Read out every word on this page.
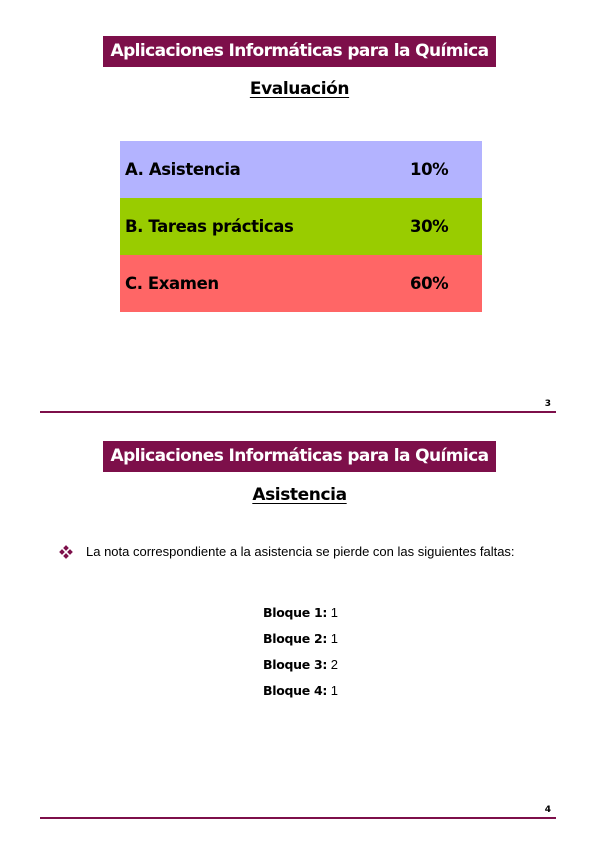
Aplicaciones Informáticas para la Química
Evaluación
A. Asistencia	10%
B. Tareas prácticas	30%
C. Examen	60%
3
Aplicaciones Informáticas para la Química
Asistencia
La nota correspondiente a la asistencia se pierde con las siguientes faltas:
Bloque 1: 1
Bloque 2: 1
Bloque 3: 2
Bloque 4: 1
4
